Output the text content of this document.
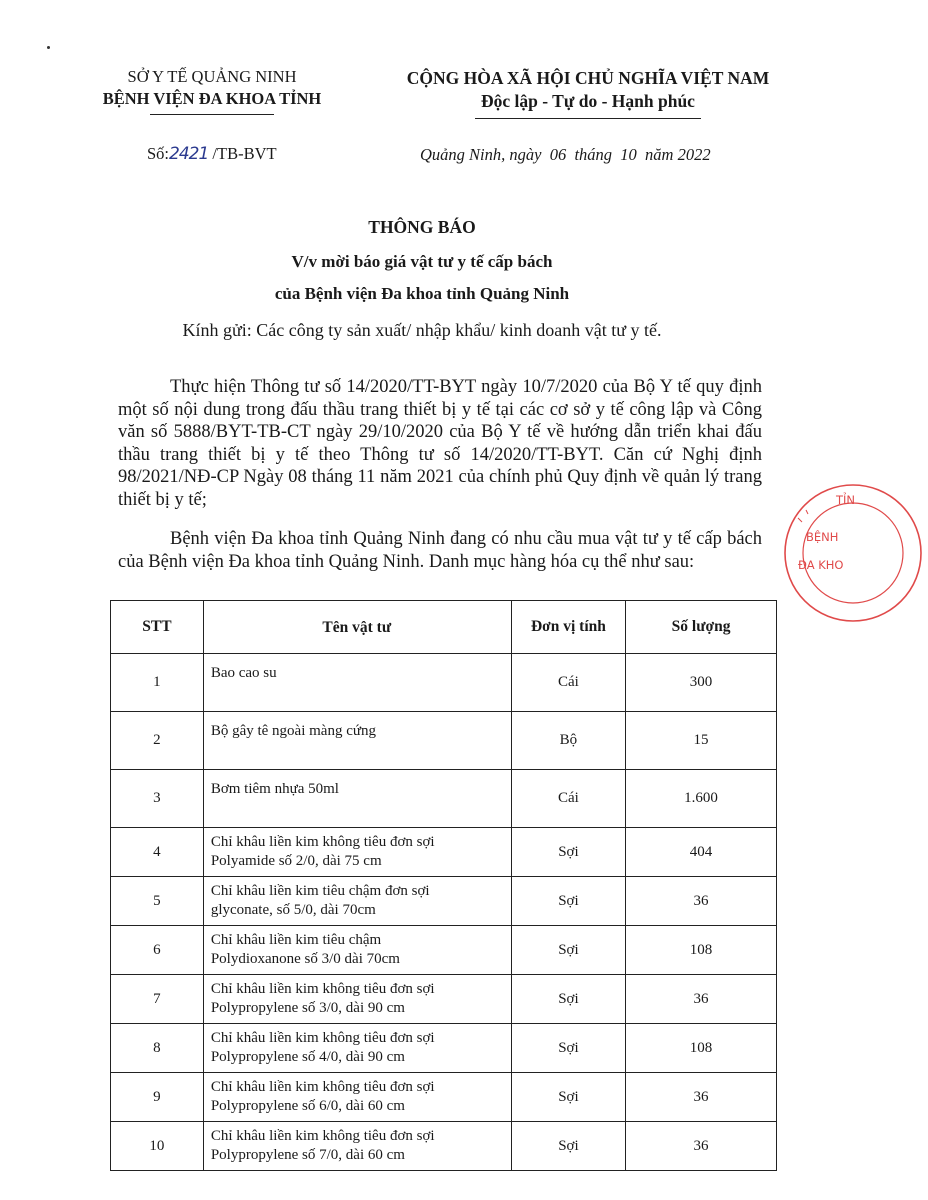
SỞ Y TẾ QUẢNG NINH
BỆNH VIỆN ĐA KHOA TỈNH
CỘNG HÒA XÃ HỘI CHỦ NGHĨA VIỆT NAM
Độc lập - Tự do - Hạnh phúc
Số:2421 /TB-BVT	Quảng Ninh, ngày  06  tháng  10  năm 2022
THÔNG BÁO
V/v mời báo giá vật tư y tế cấp bách
của Bệnh viện Đa khoa tỉnh Quảng Ninh
Kính gửi: Các công ty sản xuất/ nhập khẩu/ kinh doanh vật tư y tế.
Thực hiện Thông tư số 14/2020/TT-BYT ngày 10/7/2020 của Bộ Y tế quy định một số nội dung trong đấu thầu trang thiết bị y tế tại các cơ sở y tế công lập và Công văn số 5888/BYT-TB-CT ngày 29/10/2020 của Bộ Y tế về hướng dẫn triển khai đấu thầu trang thiết bị y tế theo Thông tư số 14/2020/TT-BYT. Căn cứ Nghị định 98/2021/NĐ-CP Ngày 08 tháng 11 năm 2021 của chính phủ Quy định về quản lý trang thiết bị y tế;
Bệnh viện Đa khoa tỉnh Quảng Ninh đang có nhu cầu mua vật tư y tế cấp bách của Bệnh viện Đa khoa tỉnh Quảng Ninh. Danh mục hàng hóa cụ thể như sau:
STT	Tên vật tư	Đơn vị tính	Số lượng
1	Bao cao su	Cái	300
2	Bộ gây tê ngoài màng cứng	Bộ	15
3	Bơm tiêm nhựa 50ml	Cái	1.600
4	Chỉ khâu liền kim không tiêu đơn sợi
Polyamide số 2/0, dài 75 cm	Sợi	404
5	Chỉ khâu liền kim tiêu chậm đơn sợi
glyconate, số 5/0, dài 70cm	Sợi	36
6	Chỉ khâu liền kim tiêu chậm
Polydioxanone số 3/0 dài 70cm	Sợi	108
7	Chỉ khâu liền kim không tiêu đơn sợi
Polypropylene số 3/0, dài 90 cm	Sợi	36
8	Chỉ khâu liền kim không tiêu đơn sợi
Polypropylene số 4/0, dài 90 cm	Sợi	108
9	Chỉ khâu liền kim không tiêu đơn sợi
Polypropylene số 6/0, dài 60 cm	Sợi	36
10	Chỉ khâu liền kim không tiêu đơn sợi
Polypropylene số 7/0, dài 60 cm	Sợi	36
TỈN
BỆNH
ĐA KHO
